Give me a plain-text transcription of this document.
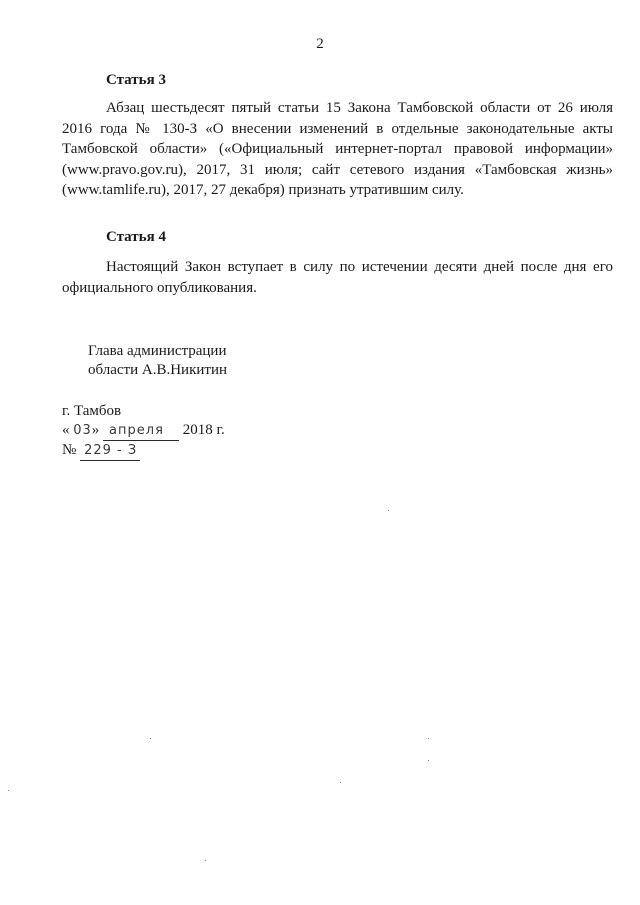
2
Статья 3

Абзац шестьдесят пятый статьи 15 Закона Тамбовской области от 26 июля 2016 года № 130-З «О внесении изменений в отдельные законодательные акты Тамбовской области» («Официальный интернет-портал правовой информации» (www.pravo.gov.ru), 2017, 31 июля; сайт сетевого издания «Тамбовская жизнь» (www.tamlife.ru), 2017, 27 декабря) признать утратившим силу.

Статья 4

Настоящий Закон вступает в силу по истечении десяти дней после дня его официального опубликования.

Глава администрации
области А.В.Никитин
г. Тамбов
« 03» апреля 2018 г.
№ 229 - З
